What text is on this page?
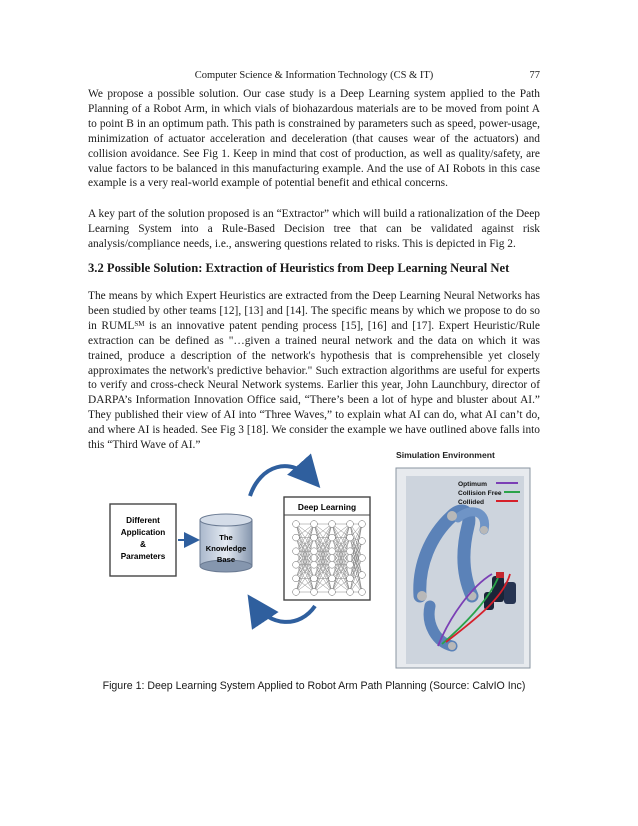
Computer Science & Information Technology (CS & IT)	77

We propose a possible solution. Our case study is a Deep Learning system applied to the Path Planning of a Robot Arm, in which vials of biohazardous materials are to be moved from point A to point B in an optimum path. This path is constrained by parameters such as speed, power-usage, minimization of actuator acceleration and deceleration (that causes wear of the actuators) and collision avoidance. See Fig 1. Keep in mind that cost of production, as well as quality/safety, are value factors to be balanced in this manufacturing example. And the use of AI Robots in this case example is a very real-world example of potential benefit and ethical concerns.

A key part of the solution proposed is an “Extractor” which will build a rationalization of the Deep Learning System into a Rule-Based Decision tree that can be validated against risk analysis/compliance needs, i.e., answering questions related to risks. This is depicted in Fig 2.

3.2 Possible Solution: Extraction of Heuristics from Deep Learning Neural Net

The means by which Expert Heuristics are extracted from the Deep Learning Neural Networks has been studied by other teams [12], [13] and [14]. The specific means by which we propose to do so in RUML℠ is an innovative patent pending process [15], [16] and [17]. Expert Heuristic/Rule extraction can be defined as "…given a trained neural network and the data on which it was trained, produce a description of the network's hypothesis that is comprehensible yet closely approximates the network's predictive behavior." Such extraction algorithms are useful for experts to verify and cross-check Neural Network systems. Earlier this year, John Launchbury, director of DARPA’s Information Innovation Office said, “There’s been a lot of hype and bluster about AI.” They published their view of AI into “Three Waves,” to explain what AI can do, what AI can’t do, and where AI is headed. See Fig 3 [18]. We consider the example we have outlined above falls into this “Third Wave of AI.”

Different
Application
&
Parameters
The
Knowledge
Base
Deep Learning
Simulation Environment
Optimum
Collision Free
Collided
Figure 1: Deep Learning System Applied to Robot Arm Path Planning (Source: CalvIO Inc)
